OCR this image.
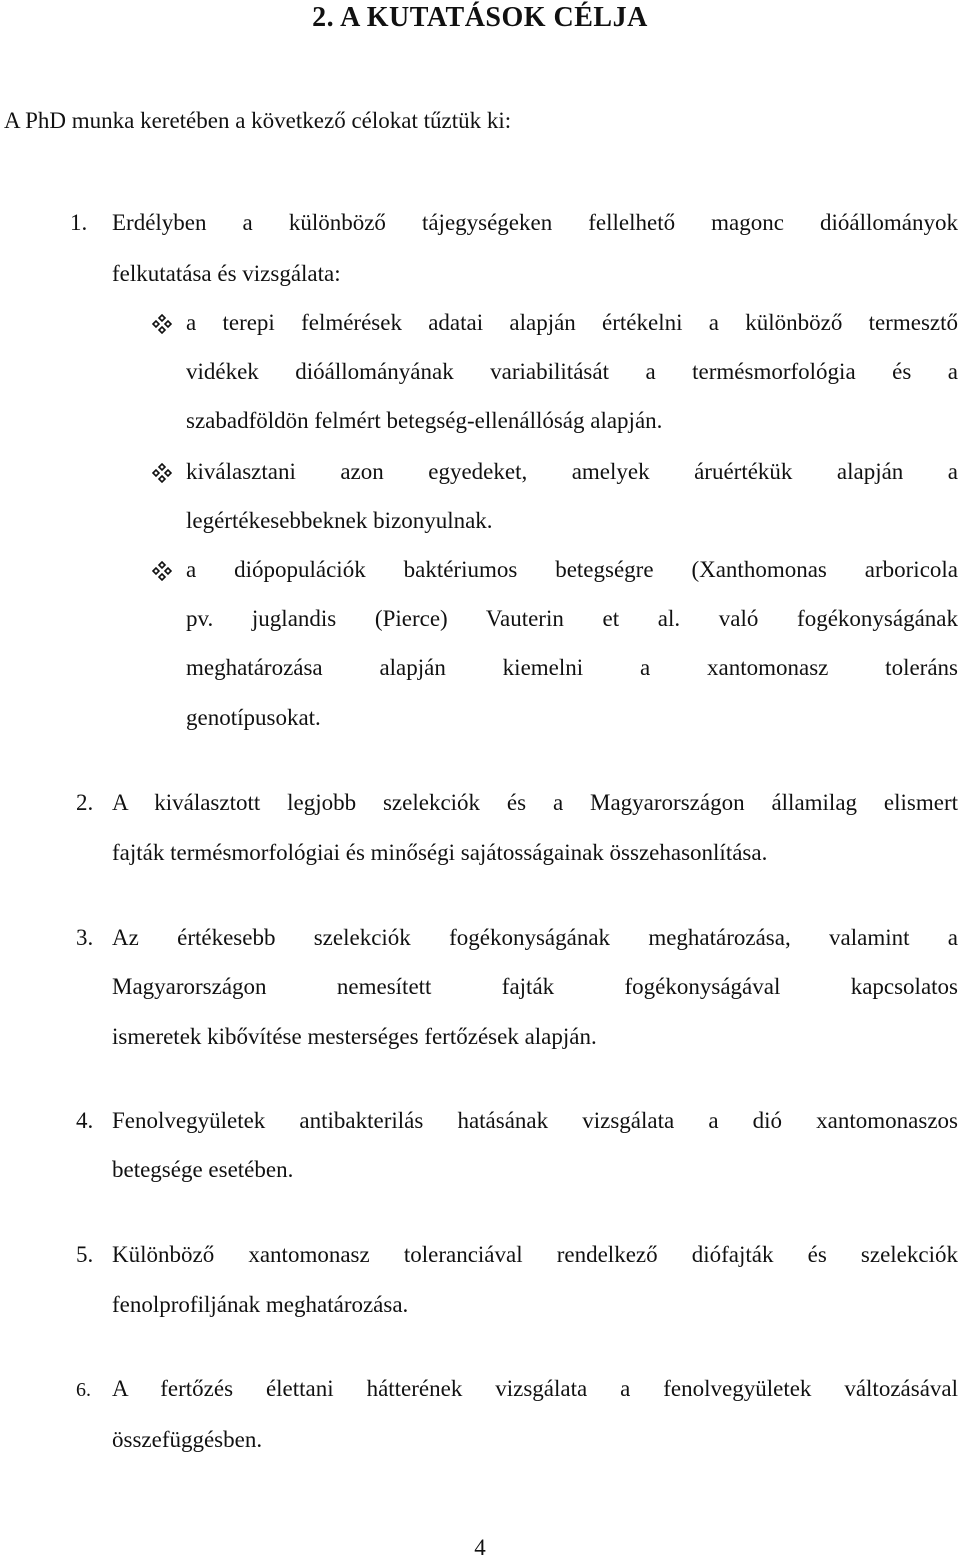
2. A KUTATÁSOK CÉLJA
A PhD munka keretében a következő célokat tűztük ki:
1. Erdélyben a különböző tájegységeken fellelhető magonc dióállományok
felkutatása és vizsgálata:
a terepi felmérések adatai alapján értékelni a különböző termesztő
vidékek dióállományának variabilitását a termésmorfológia és a
szabadföldön felmért betegség-ellenállóság alapján.
kiválasztani azon egyedeket, amelyek áruértékük alapján a
legértékesebbeknek bizonyulnak.
a diópopulációk baktériumos betegségre (Xanthomonas arboricola
pv. juglandis (Pierce) Vauterin et al. való fogékonyságának
meghatározása alapján kiemelni a xantomonasz toleráns
genotípusokat.
2. A kiválasztott legjobb szelekciók és a Magyarországon államilag elismert
fajták termésmorfológiai és minőségi sajátosságainak összehasonlítása.
3. Az értékesebb szelekciók fogékonyságának meghatározása, valamint a
Magyarországon nemesített fajták fogékonyságával kapcsolatos
ismeretek kibővítése mesterséges fertőzések alapján.
4. Fenolvegyületek antibakterilás hatásának vizsgálata a dió xantomonaszos
betegsége esetében.
5. Különböző xantomonasz toleranciával rendelkező diófajták és szelekciók
fenolprofiljának meghatározása.
6. A fertőzés élettani hátterének vizsgálata a fenolvegyületek változásával
összefüggésben.
4
